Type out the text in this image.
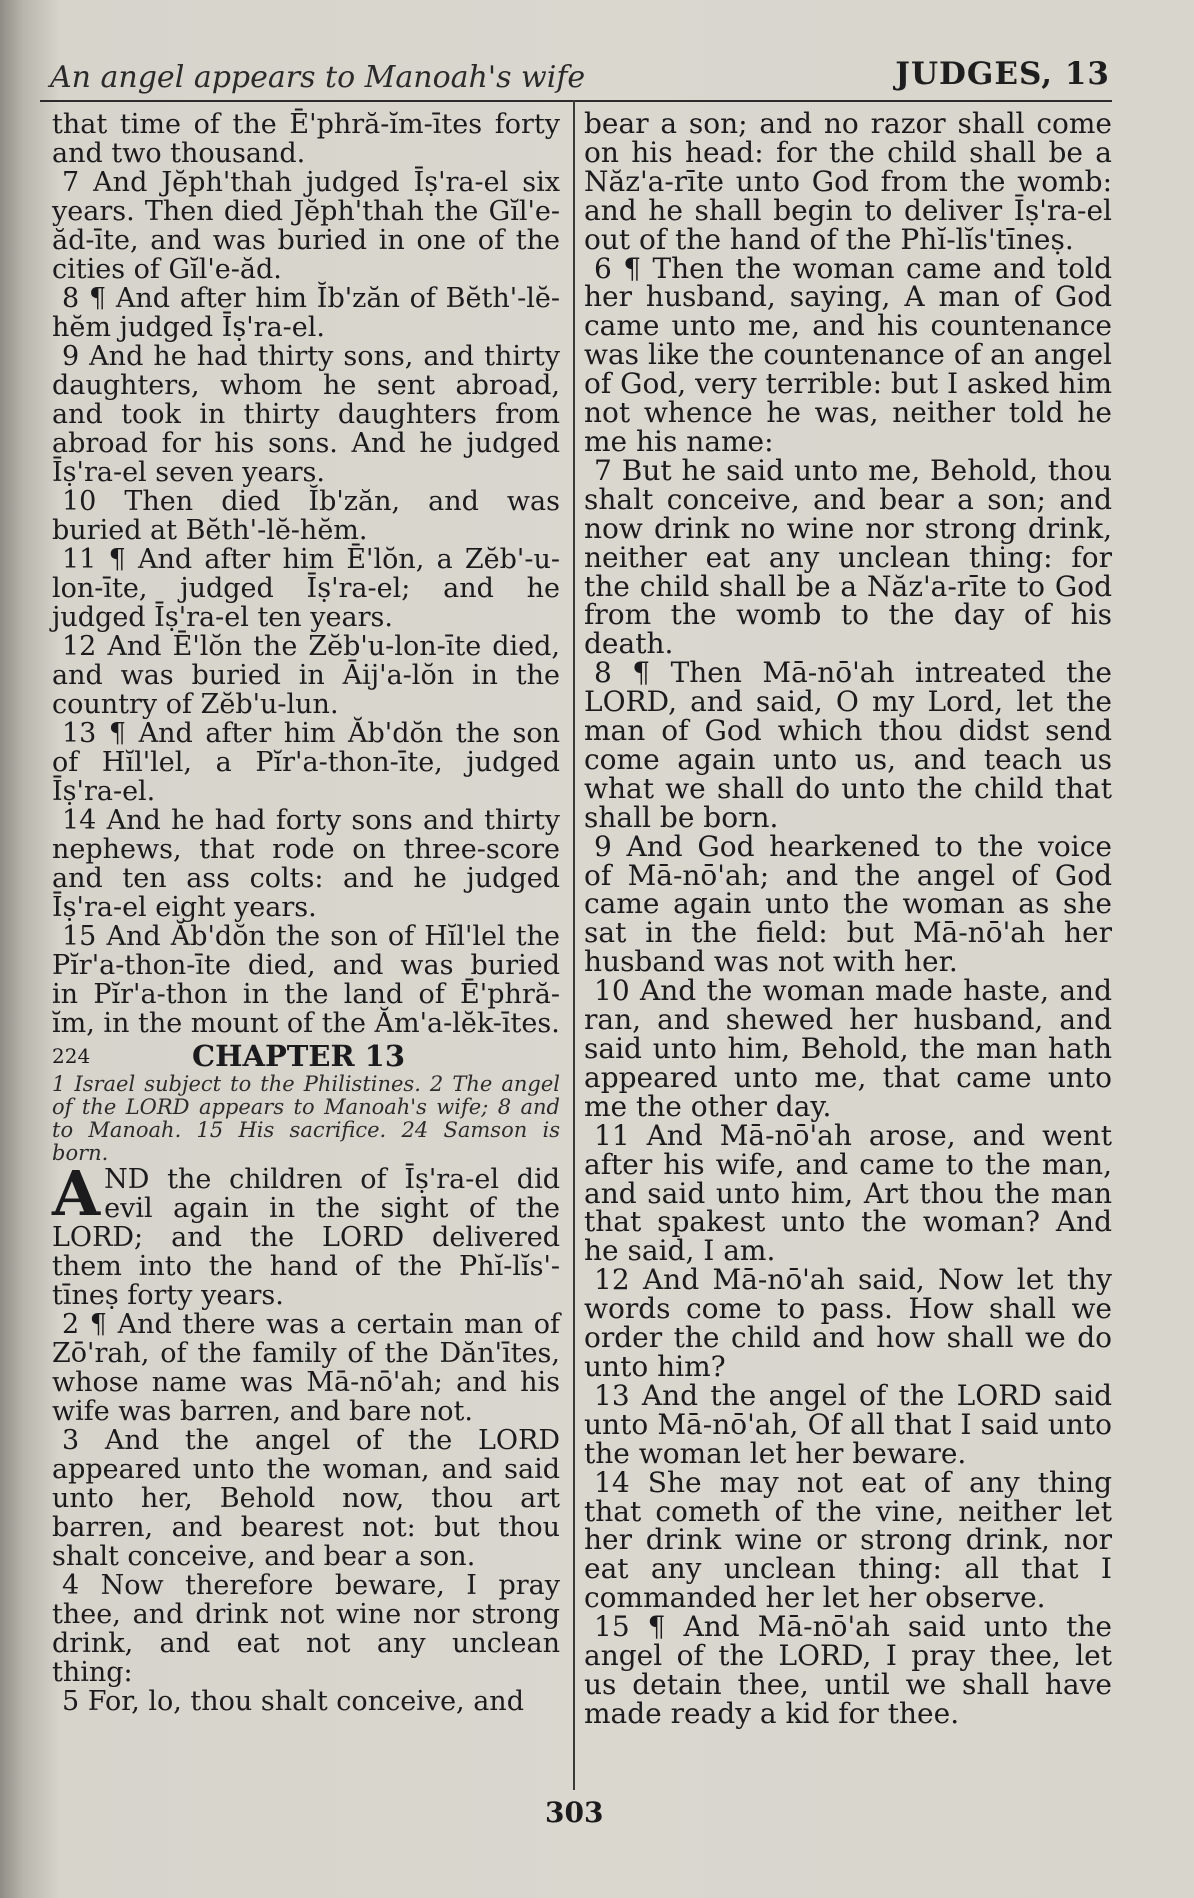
An angel appears to Manoah's wife	JUDGES, 13

that time of the Ē'phră-ĭm-ītes forty and two thousand.

7 And Jĕph'thah judged Īṣ'ra-el six years. Then died Jĕph'thah the Gĭl'e-ăd-īte, and was buried in one of the cities of Gĭl'e-ăd.

8 ¶ And after him Ĭb'zăn of Bĕth'-lĕ-hĕm judged Īṣ'ra-el.

9 And he had thirty sons, and thirty daughters, whom he sent abroad, and took in thirty daughters from abroad for his sons. And he judged Īṣ'ra-el seven years.

10 Then died Ĭb'zăn, and was buried at Bĕth'-lĕ-hĕm.

11 ¶ And after him Ē'lŏn, a Zĕb'-u-lon-īte, judged Īṣ'ra-el; and he judged Īṣ'ra-el ten years.

12 And Ē'lŏn the Zĕb'u-lon-īte died, and was buried in Āij'a-lŏn in the country of Zĕb'u-lun.

13 ¶ And after him Ăb'dŏn the son of Hĭl'lel, a Pĭr'a-thon-īte, judged Īṣ'ra-el.

14 And he had forty sons and thirty nephews, that rode on three-score and ten ass colts: and he judged Īṣ'ra-el eight years.

15 And Ăb'dŏn the son of Hĭl'lel the Pĭr'a-thon-īte died, and was buried in Pĭr'a-thon in the land of Ē'phră-ĭm, in the mount of the Ăm'a-lĕk-ītes.

224	CHAPTER 13

1 Israel subject to the Philistines. 2 The angel of the LORD appears to Manoah's wife; 8 and to Manoah. 15 His sacrifice. 24 Samson is born.

A ND the children of Īṣ'ra-el did evil again in the sight of the LORD; and the LORD delivered them into the hand of the Phĭ-lĭs'-tīneṣ forty years.

2 ¶ And there was a certain man of Zō'rah, of the family of the Dăn'ītes, whose name was Mā-nō'ah; and his wife was barren, and bare not.

3 And the angel of the LORD appeared unto the woman, and said unto her, Behold now, thou art barren, and bearest not: but thou shalt conceive, and bear a son.

4 Now therefore beware, I pray thee, and drink not wine nor strong drink, and eat not any unclean thing:

5 For, lo, thou shalt conceive, and

bear a son; and no razor shall come on his head: for the child shall be a Năz'a-rīte unto God from the womb: and he shall begin to deliver Īṣ'ra-el out of the hand of the Phĭ-lĭs'tīneṣ.

6 ¶ Then the woman came and told her husband, saying, A man of God came unto me, and his countenance was like the countenance of an angel of God, very terrible: but I asked him not whence he was, neither told he me his name:

7 But he said unto me, Behold, thou shalt conceive, and bear a son; and now drink no wine nor strong drink, neither eat any unclean thing: for the child shall be a Năz'a-rīte to God from the womb to the day of his death.

8 ¶ Then Mā-nō'ah intreated the LORD, and said, O my Lord, let the man of God which thou didst send come again unto us, and teach us what we shall do unto the child that shall be born.

9 And God hearkened to the voice of Mā-nō'ah; and the angel of God came again unto the woman as she sat in the field: but Mā-nō'ah her husband was not with her.

10 And the woman made haste, and ran, and shewed her husband, and said unto him, Behold, the man hath appeared unto me, that came unto me the other day.

11 And Mā-nō'ah arose, and went after his wife, and came to the man, and said unto him, Art thou the man that spakest unto the woman? And he said, I am.

12 And Mā-nō'ah said, Now let thy words come to pass. How shall we order the child and how shall we do unto him?

13 And the angel of the LORD said unto Mā-nō'ah, Of all that I said unto the woman let her beware.

14 She may not eat of any thing that cometh of the vine, neither let her drink wine or strong drink, nor eat any unclean thing: all that I commanded her let her observe.

15 ¶ And Mā-nō'ah said unto the angel of the LORD, I pray thee, let us detain thee, until we shall have made ready a kid for thee.

303
